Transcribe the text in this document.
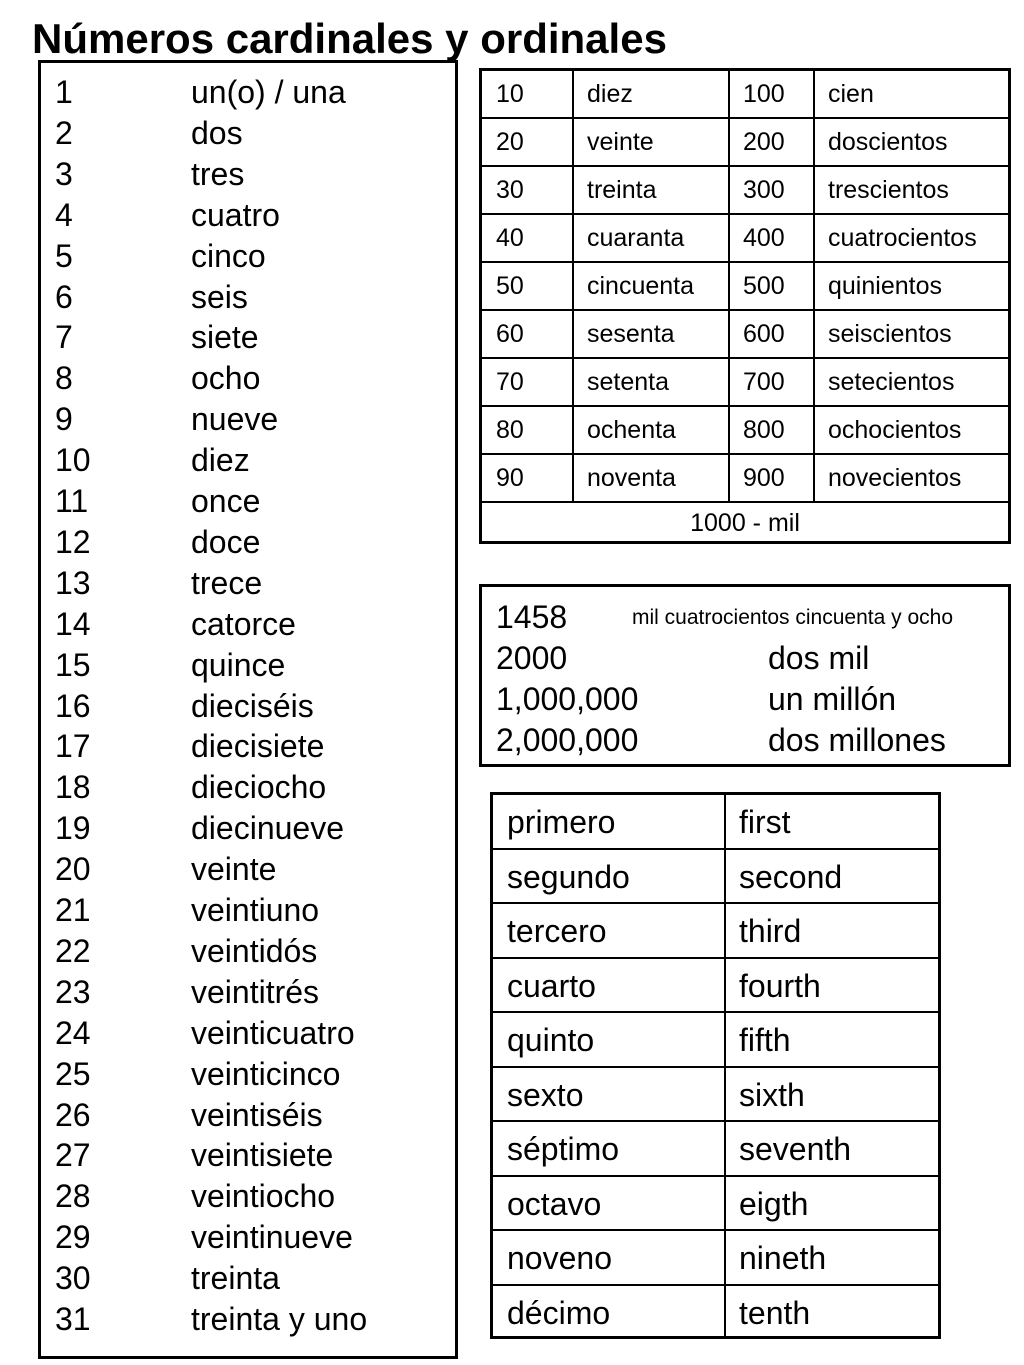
Números cardinales y ordinales
1	un(o) / una
2	dos
3	tres
4	cuatro
5	cinco
6	seis
7	siete
8	ocho
9	nueve
10	diez
11	once
12	doce
13	trece
14	catorce
15	quince
16	dieciséis
17	diecisiete
18	dieciocho
19	diecinueve
20	veinte
21	veintiuno
22	veintidós
23	veintitrés
24	veinticuatro
25	veinticinco
26	veintiséis
27	veintisiete
28	veintiocho
29	veintinueve
30	treinta
31	treinta y uno
1000 - mil
10	diez	100 cien
20	veinte	200 doscientos
30	treinta	300 trescientos
40	cuaranta 400 cuatrocientos
50	cincuenta 500 quinientos
60	sesenta	600 seiscientos
70	setenta	700 setecientos
80	ochenta	800 ochocientos
90	noventa	900 novecientos
1458	mil cuatrocientos cincuenta y ocho
2000	dos mil
1,000,000	un millón
2,000,000	dos millones
primero	first
segundo	second
tercero	third
cuarto	fourth
quinto	fifth
sexto	sixth
séptimo	seventh
octavo	eigth
noveno	nineth
décimo	tenth
